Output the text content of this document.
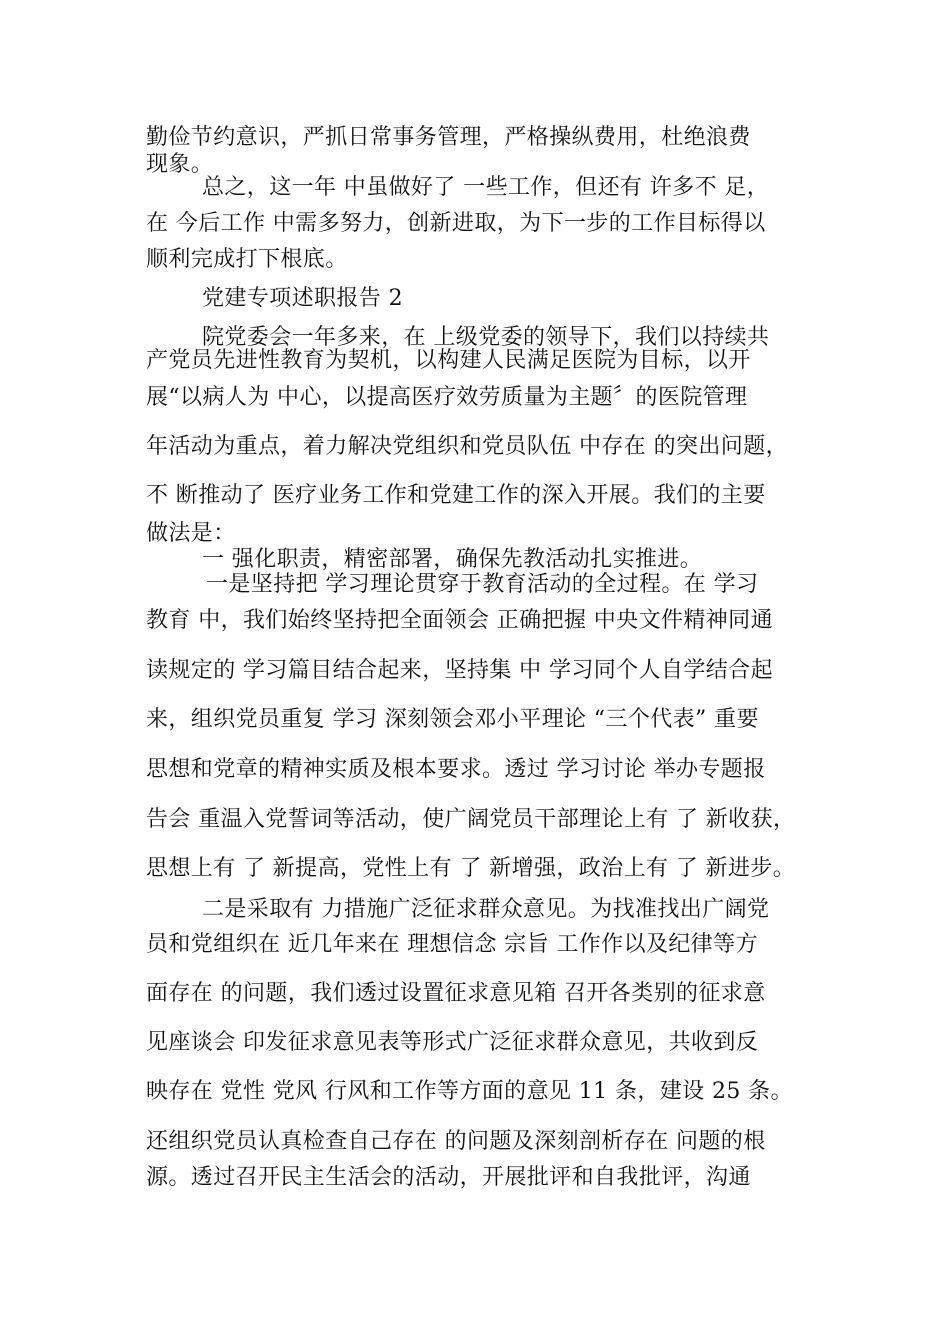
勤俭节约意识，严抓日常事务管理，严格操纵费用，杜绝浪费
现象。
总之，这一年 中虽做好了 一些工作，但还有 许多不 足，
在 今后工作 中需多努力，创新进取，为下一步的工作目标得以
顺利完成打下根底。
党建专项述职报告 2
院党委会一年多来，在 上级党委的领导下，我们以持续共
产党员先进性教育为契机，以构建人民满足医院为目标，以开
展“以病人为 中心，以提高医疗效劳质量为主题〞的医院管理
年活动为重点，着力解决党组织和党员队伍 中存在 的突出问题，
不 断推动了 医疗业务工作和党建工作的深入开展。我们的主要
做法是：
一 强化职责，精密部署，确保先教活动扎实推进。
一是坚持把 学习理论贯穿于教育活动的全过程。在 学习
教育 中，我们始终坚持把全面领会 正确把握 中央文件精神同通
读规定的 学习篇目结合起来，坚持集 中 学习同个人自学结合起
来，组织党员重复 学习 深刻领会邓小平理论 “三个代表” 重要
思想和党章的精神实质及根本要求。透过 学习讨论 举办专题报
告会 重温入党誓词等活动，使广阔党员干部理论上有 了 新收获，
思想上有 了 新提高，党性上有 了 新增强，政治上有 了 新进步。
二是采取有 力措施广泛征求群众意见。为找准找出广阔党
员和党组织在 近几年来在 理想信念 宗旨 工作作以及纪律等方
面存在 的问题，我们透过设置征求意见箱 召开各类别的征求意
见座谈会 印发征求意见表等形式广泛征求群众意见，共收到反
映存在 党性 党风 行风和工作等方面的意见 11 条，建设 25 条。
还组织党员认真检查自己存在 的问题及深刻剖析存在 问题的根
源。透过召开民主生活会的活动，开展批评和自我批评，沟通
